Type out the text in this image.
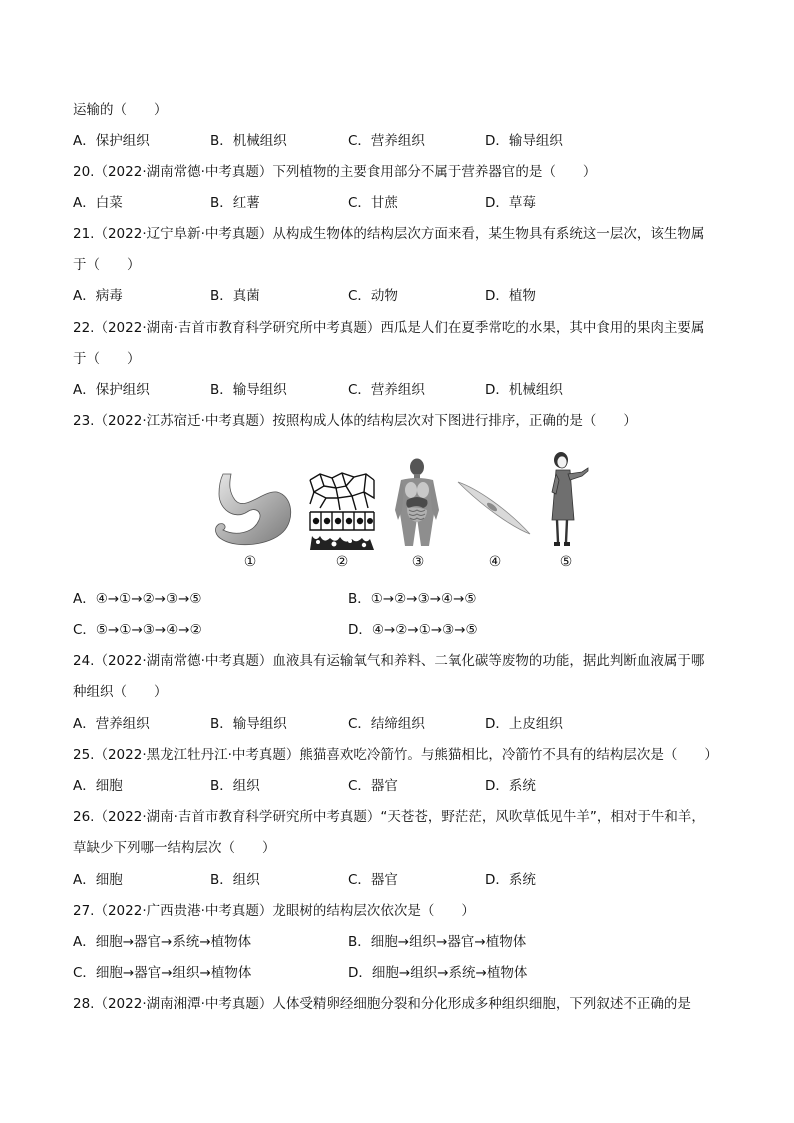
运输的（　　）
A．保护组织	B．机械组织	C．营养组织	D．输导组织
20.（2022·湖南常德·中考真题）下列植物的主要食用部分不属于营养器官的是（　　）
A．白菜	B．红薯	C．甘蔗	D．草莓
21.（2022·辽宁阜新·中考真题）从构成生物体的结构层次方面来看，某生物具有系统这一层次，该生物属
于（　　）
A．病毒	B．真菌	C．动物	D．植物
22.（2022·湖南·吉首市教育科学研究所中考真题）西瓜是人们在夏季常吃的水果，其中食用的果肉主要属
于（　　）
A．保护组织	B．输导组织	C．营养组织	D．机械组织
23.（2022·江苏宿迁·中考真题）按照构成人体的结构层次对下图进行排序，正确的是（　　）
①	②	③	④	⑤
A．④→①→②→③→⑤	B．①→②→③→④→⑤
C．⑤→①→③→④→②	D．④→②→①→③→⑤
24.（2022·湖南常德·中考真题）血液具有运输氧气和养料、二氧化碳等废物的功能，据此判断血液属于哪
种组织（　　）
A．营养组织	B．输导组织	C．结缔组织	D．上皮组织
25.（2022·黑龙江牡丹江·中考真题）熊猫喜欢吃冷箭竹。与熊猫相比，冷箭竹不具有的结构层次是（　　）
A．细胞	B．组织	C．器官	D．系统
26.（2022·湖南·吉首市教育科学研究所中考真题）“天苍苍，野茫茫，风吹草低见牛羊”，相对于牛和羊，
草缺少下列哪一结构层次（　　）
A．细胞	B．组织	C．器官	D．系统
27.（2022·广西贵港·中考真题）龙眼树的结构层次依次是（　　）
A．细胞→器官→系统→植物体	B．细胞→组织→器官→植物体
C．细胞→器官→组织→植物体	D．细胞→组织→系统→植物体
28.（2022·湖南湘潭·中考真题）人体受精卵经细胞分裂和分化形成多种组织细胞，下列叙述不正确的是
